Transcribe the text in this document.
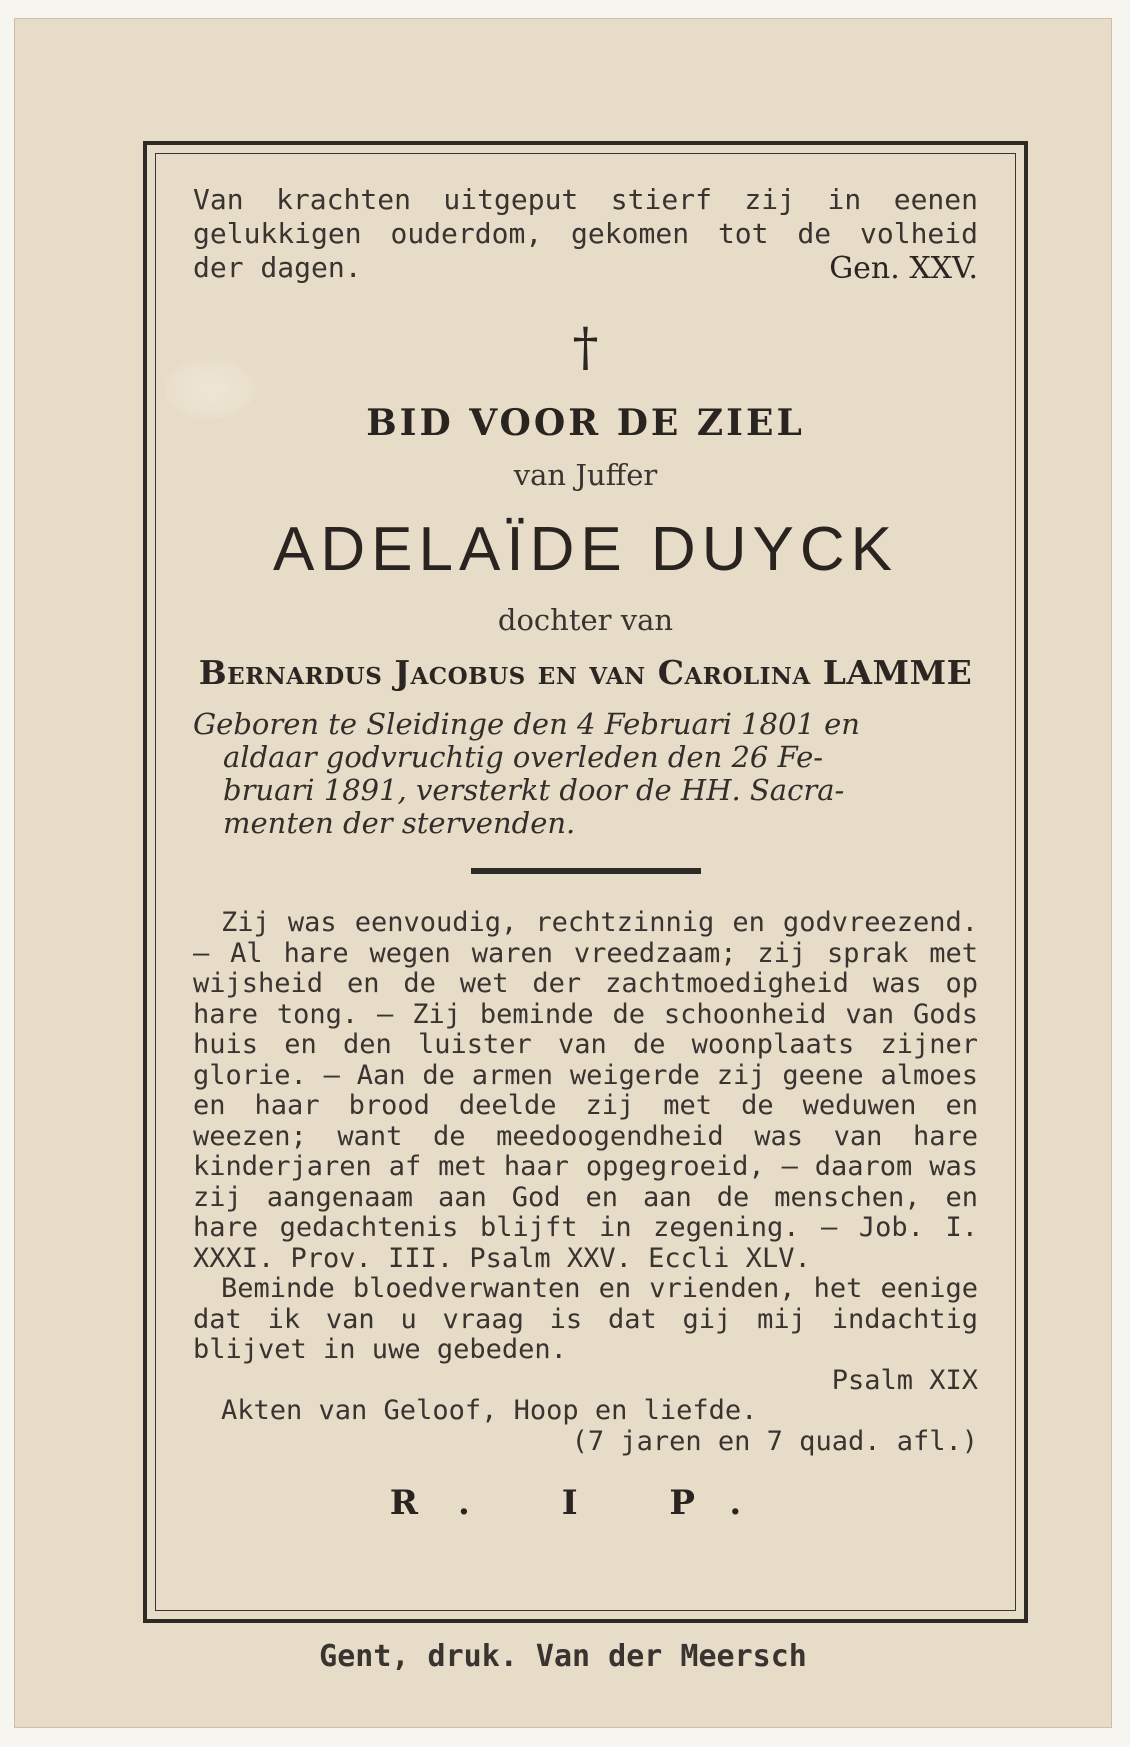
Van krachten uitgeput stierf zij in eenen gelukkigen ouderdom, gekomen tot de volheid der dagen.	Gen. XXV.
†
BID VOOR DE ZIEL
van Juffer
ADELAÏDE DUYCK
dochter van
Bernardus Jacobus en van Carolina LAMME
Geboren te Sleidinge den 4 Februari 1801 en
aldaar godvruchtig overleden den 26 Fe-
bruari 1891, versterkt door de HH. Sacra-
menten der stervenden.

Zij was eenvoudig, rechtzinnig en godvreezend. — Al hare wegen waren vreedzaam; zij sprak met wijsheid en de wet der zachtmoedigheid was op hare tong. — Zij beminde de schoonheid van Gods huis en den luister van de woonplaats zijner glorie. — Aan de armen weigerde zij geene almoes en haar brood deelde zij met de weduwen en weezen; want de meedoogendheid was van hare kinderjaren af met haar opgegroeid, — daarom was zij aangenaam aan God en aan de menschen, en hare gedachtenis blijft in zegening. — Job. I. XXXI. Prov. III. Psalm XXV. Eccli XLV.

Beminde bloedverwanten en vrienden, het eenige dat ik van u vraag is dat gij mij indachtig blijvet in uwe gebeden.

Psalm XIX

Akten van Geloof, Hoop en liefde.

(7 jaren en 7 quad. afl.)

R. I P.
Gent, druk. Van der Meersch
